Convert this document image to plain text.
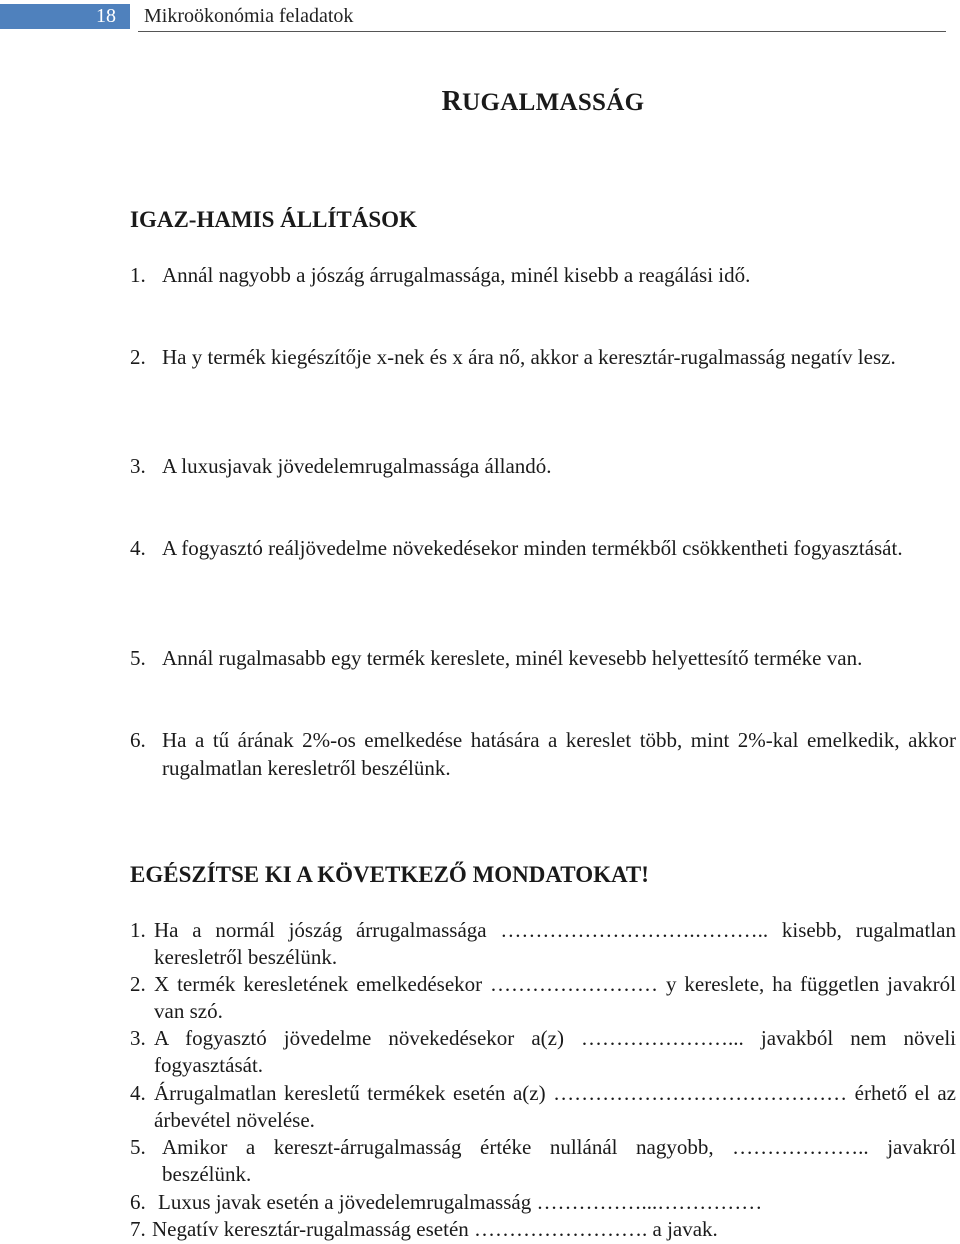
18	Mikroökonómia feladatok
RUGALMASSÁG
IGAZ-HAMIS ÁLLÍTÁSOK
1. Annál nagyobb a jószág árrugalmassága, minél kisebb a reagálási idő.
2. Ha y termék kiegészítője x-nek és x ára nő, akkor a keresztár-rugalmasság negatív lesz.
3. A luxusjavak jövedelemrugalmassága állandó.
4. A fogyasztó reáljövedelme növekedésekor minden termékből csökkentheti fogyasztását.
5. Annál rugalmasabb egy termék kereslete, minél kevesebb helyettesítő terméke van.
6. Ha a tű árának 2%-os emelkedése hatására a kereslet több, mint 2%-kal emelkedik, akkor rugalmatlan keresletről beszélünk.
EGÉSZÍTSE KI A KÖVETKEZŐ MONDATOKAT!
1. Ha a normál jószág árrugalmassága ……………………….……….. kisebb, rugalmatlan keresletről beszélünk.
2. X termék keresletének emelkedésekor …………………… y kereslete, ha független javakról van szó.
3. A fogyasztó jövedelme növekedésekor a(z) …………………... javakból nem növeli fogyasztását.
4. Árrugalmatlan keresletű termékek esetén a(z) …………………………………… érhető el az árbevétel növelése.
5. Amikor a kereszt-árrugalmasság értéke nullánál nagyobb, ……………….. javakról beszélünk.
6. Luxus javak esetén a jövedelemrugalmasság ……………...……………
7. Negatív keresztár-rugalmasság esetén ……………………. a javak.
